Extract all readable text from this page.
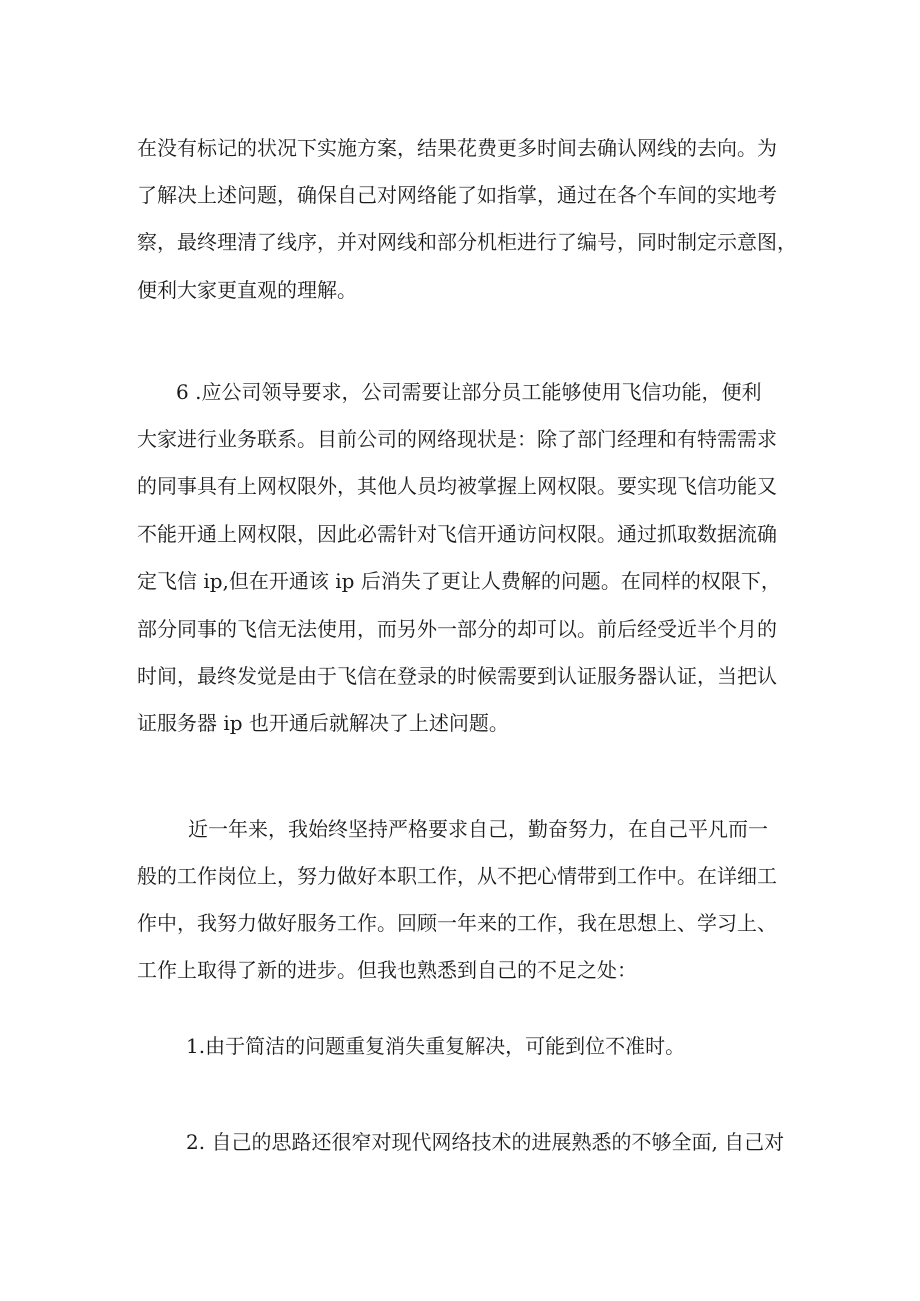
在没有标记的状况下实施方案，结果花费更多时间去确认网线的去向。为
了解决上述问题，确保自己对网络能了如指掌，通过在各个车间的实地考
察，最终理清了线序，并对网线和部分机柜进行了编号，同时制定示意图，
便利大家更直观的理解。
6 .应公司领导要求，公司需要让部分员工能够使用飞信功能，便利
大家进行业务联系。目前公司的网络现状是：除了部门经理和有特需需求
的同事具有上网权限外，其他人员均被掌握上网权限。要实现飞信功能又
不能开通上网权限，因此必需针对飞信开通访问权限。通过抓取数据流确
定飞信 ip,但在开通该 ip 后消失了更让人费解的问题。在同样的权限下，
部分同事的飞信无法使用，而另外一部分的却可以。前后经受近半个月的
时间，最终发觉是由于飞信在登录的时候需要到认证服务器认证，当把认
证服务器 ip 也开通后就解决了上述问题。
近一年来，我始终坚持严格要求自己，勤奋努力，在自己平凡而一
般的工作岗位上，努力做好本职工作，从不把心情带到工作中。在详细工
作中，我努力做好服务工作。回顾一年来的工作，我在思想上、学习上、
工作上取得了新的进步。但我也熟悉到自己的不足之处：
1.由于简洁的问题重复消失重复解决，可能到位不准时。
2. 自己的思路还很窄对现代网络技术的进展熟悉的不够全面, 自己对
